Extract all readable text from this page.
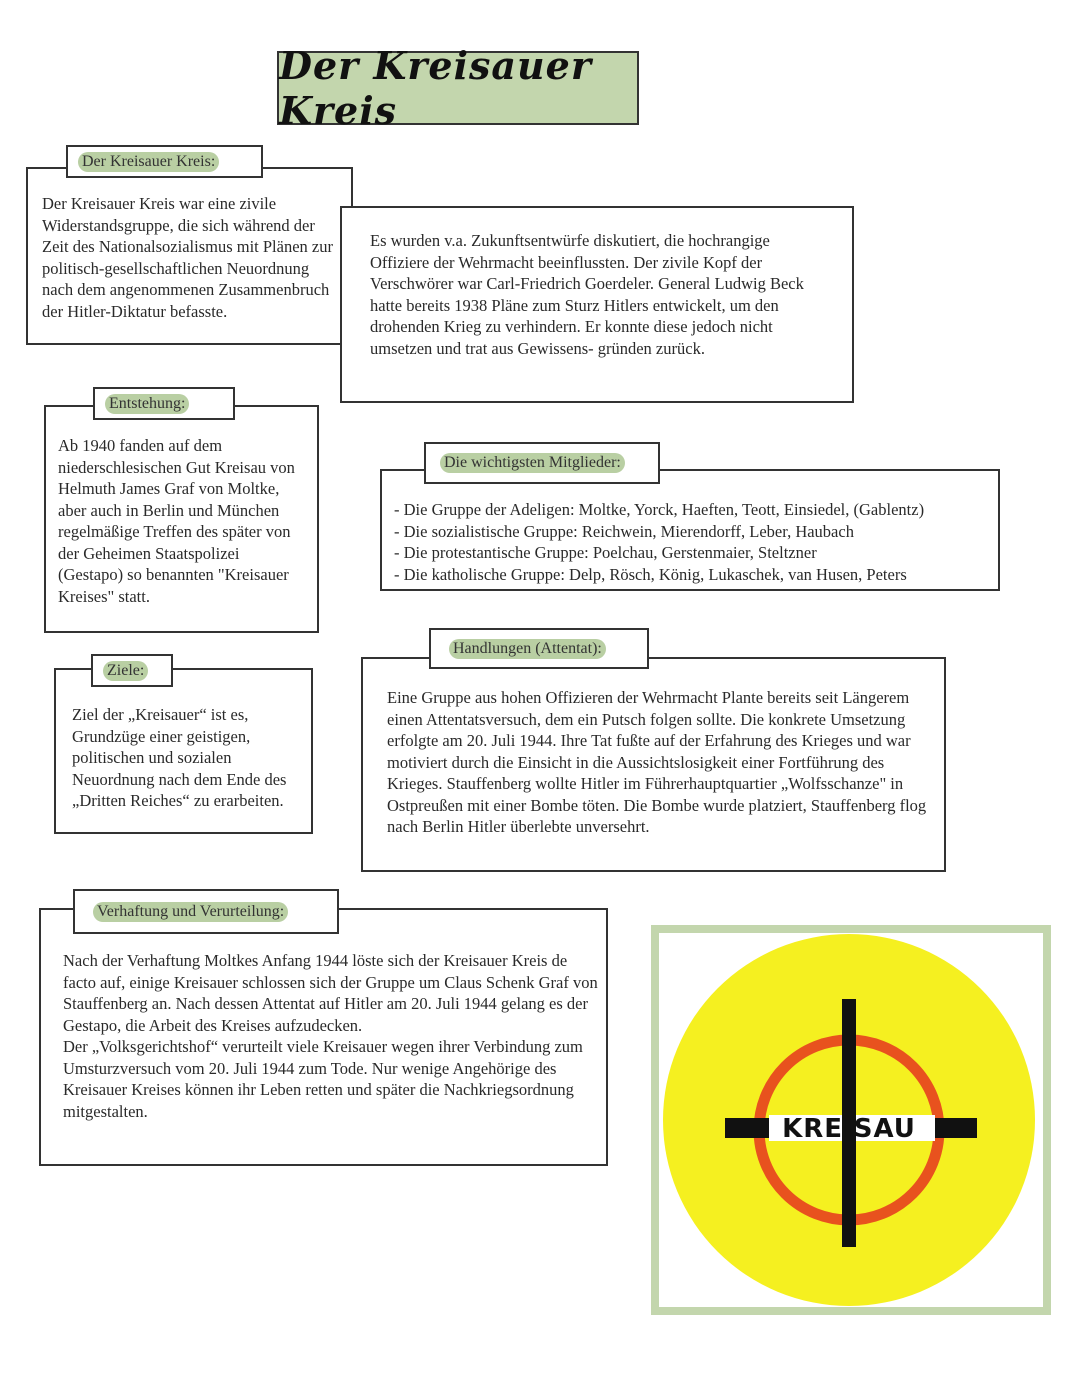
Der Kreisauer Kreis

Der Kreisauer Kreis war eine zivile Widerstandsgruppe, die sich während der Zeit des Nationalsozialismus mit Plänen zur politisch-gesellschaftlichen Neuordnung nach dem angenommenen Zusammenbruch der Hitler-Diktatur befasste.

Der Kreisauer Kreis:

Es wurden v.a. Zukunftsentwürfe diskutiert, die hochrangige Offiziere der Wehrmacht beeinflussten. Der zivile Kopf der Verschwörer war Carl-Friedrich Goerdeler. General Ludwig Beck hatte bereits 1938 Pläne zum Sturz Hitlers entwickelt, um den drohenden Krieg zu verhindern. Er konnte diese jedoch nicht umsetzen und trat aus Gewissens- gründen zurück.

Ab 1940 fanden auf dem niederschlesischen Gut Kreisau von Helmuth James Graf von Moltke, aber auch in Berlin und München regelmäßige Treffen des später von der Geheimen Staatspolizei (Gestapo) so benannten "Kreisauer Kreises" statt.

Entstehung:
- Die Gruppe der Adeligen: Moltke, Yorck, Haeften, Teott, Einsiedel, (Gablentz)
- Die sozialistische Gruppe: Reichwein, Mierendorff, Leber, Haubach
- Die protestantische Gruppe: Poelchau, Gerstenmaier, Steltzner
- Die katholische Gruppe: Delp, Rösch, König, Lukaschek, van Husen, Peters
Die wichtigsten Mitglieder:

Ziel der „Kreisauer“ ist es, Grundzüge einer geistigen, politischen und sozialen Neuordnung nach dem Ende des „Dritten Reiches“ zu erarbeiten.

Ziele:

Eine Gruppe aus hohen Offizieren der Wehrmacht Plante bereits seit Längerem einen Attentatsversuch, dem ein Putsch folgen sollte. Die konkrete Umsetzung erfolgte am 20. Juli 1944. Ihre Tat fußte auf der Erfahrung des Krieges und war motiviert durch die Einsicht in die Aussichtslosigkeit einer Fortführung des Krieges. Stauffenberg wollte Hitler im Führerhauptquartier „Wolfsschanze" in Ostpreußen mit einer Bombe töten. Die Bombe wurde platziert, Stauffenberg flog nach Berlin Hitler überlebte unversehrt.

Handlungen (Attentat):

Nach der Verhaftung Moltkes Anfang 1944 löste sich der Kreisauer Kreis de facto auf, einige Kreisauer schlossen sich der Gruppe um Claus Schenk Graf von Stauffenberg an. Nach dessen Attentat auf Hitler am 20. Juli 1944 gelang es der Gestapo, die Arbeit des Kreises aufzudecken.

Der „Volksgerichtshof“ verurteilt viele Kreisauer wegen ihrer Verbindung zum Umsturzversuch vom 20. Juli 1944 zum Tode. Nur wenige Angehörige des Kreisauer Kreises können ihr Leben retten und später die Nachkriegsordnung mitgestalten.

Verhaftung und Verurteilung:
KREISAU
